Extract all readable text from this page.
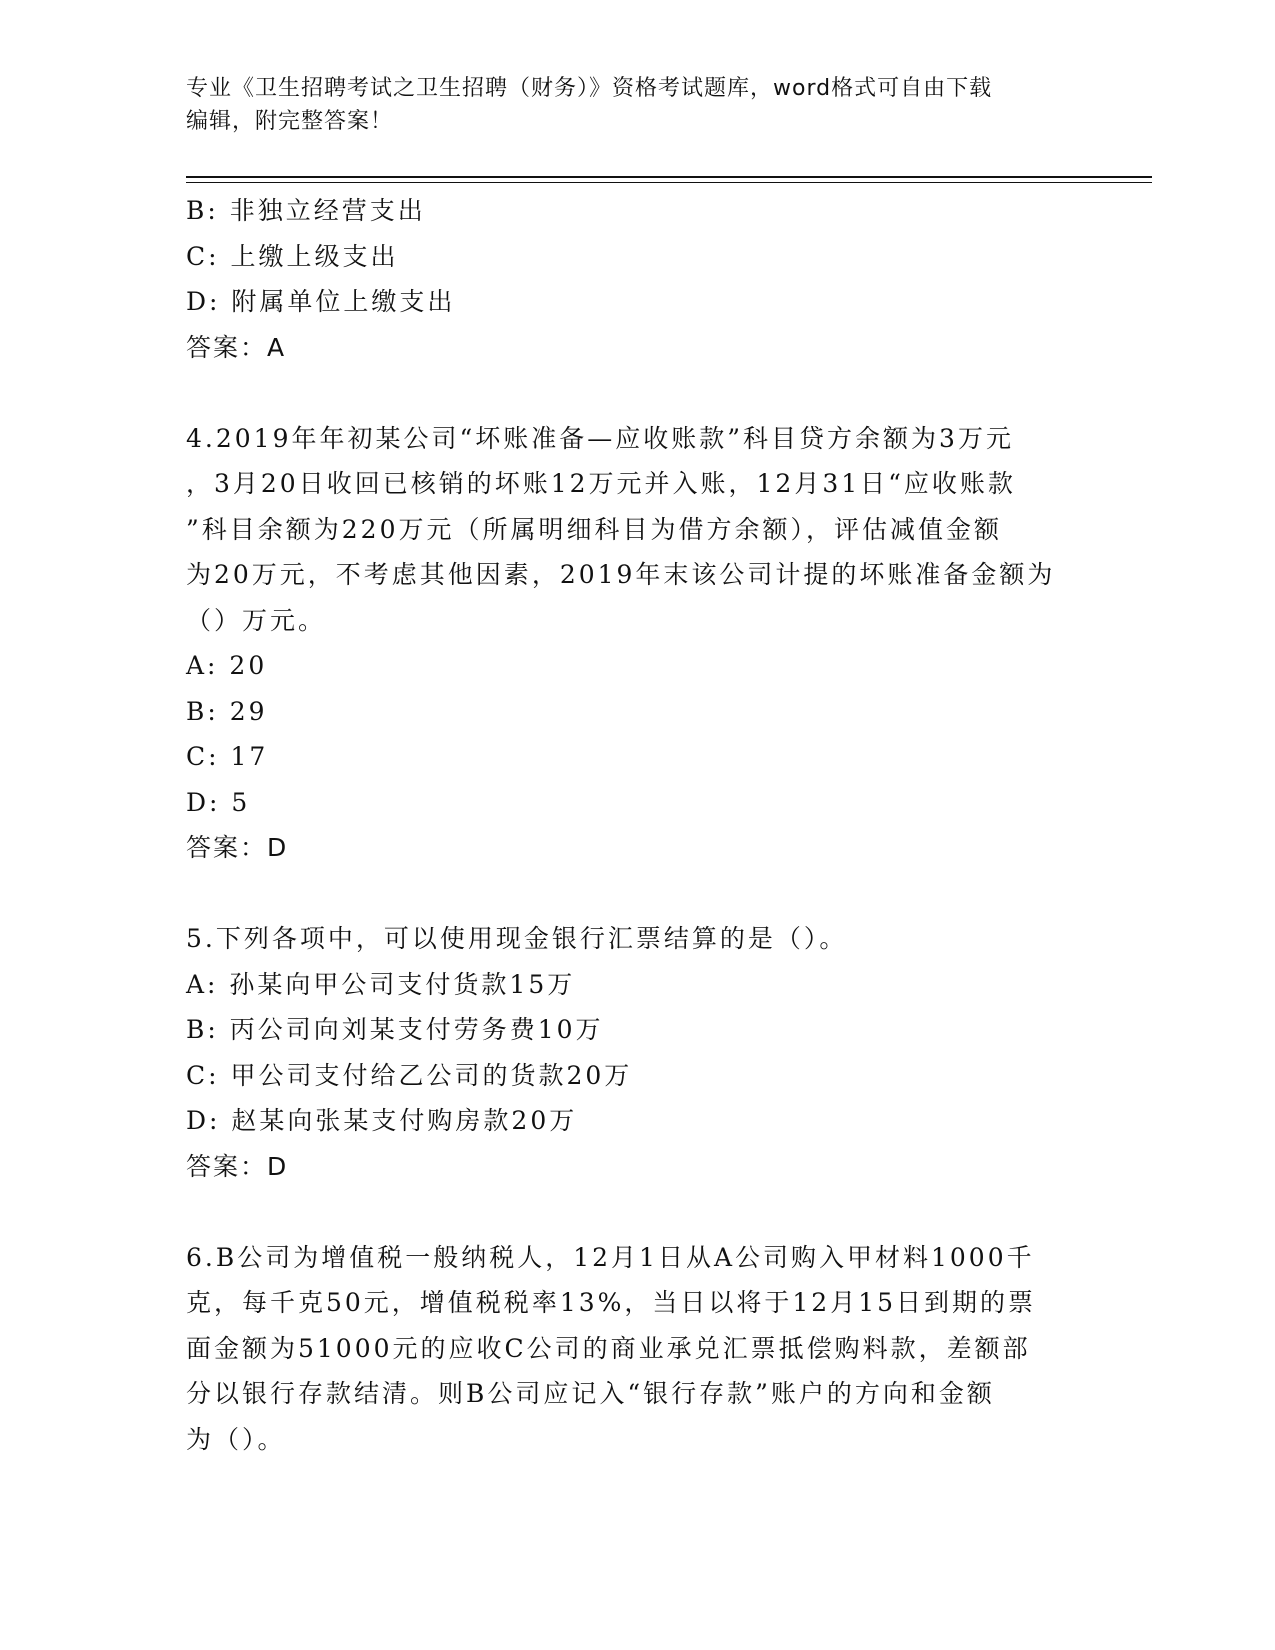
专业《卫生招聘考试之卫生招聘（财务）》资格考试题库，word格式可自由下载
编辑，附完整答案！
B: 非独立经营支出
C: 上缴上级支出
D: 附属单位上缴支出
答案：A
4.2019年年初某公司“坏账准备—应收账款”科目贷方余额为3万元
，3月20日收回已核销的坏账12万元并入账，12月31日“应收账款
”科目余额为220万元（所属明细科目为借方余额），评估减值金额
为20万元，不考虑其他因素，2019年末该公司计提的坏账准备金额为
（）万元。
A: 20
B: 29
C: 17
D: 5
答案：D
5.下列各项中，可以使用现金银行汇票结算的是（）。
A: 孙某向甲公司支付货款15万
B: 丙公司向刘某支付劳务费10万
C: 甲公司支付给乙公司的货款20万
D: 赵某向张某支付购房款20万
答案：D
6.B公司为增值税一般纳税人，12月1日从A公司购入甲材料1000千
克，每千克50元，增值税税率13%，当日以将于12月15日到期的票
面金额为51000元的应收C公司的商业承兑汇票抵偿购料款，差额部
分以银行存款结清。则B公司应记入“银行存款”账户的方向和金额
为（）。
